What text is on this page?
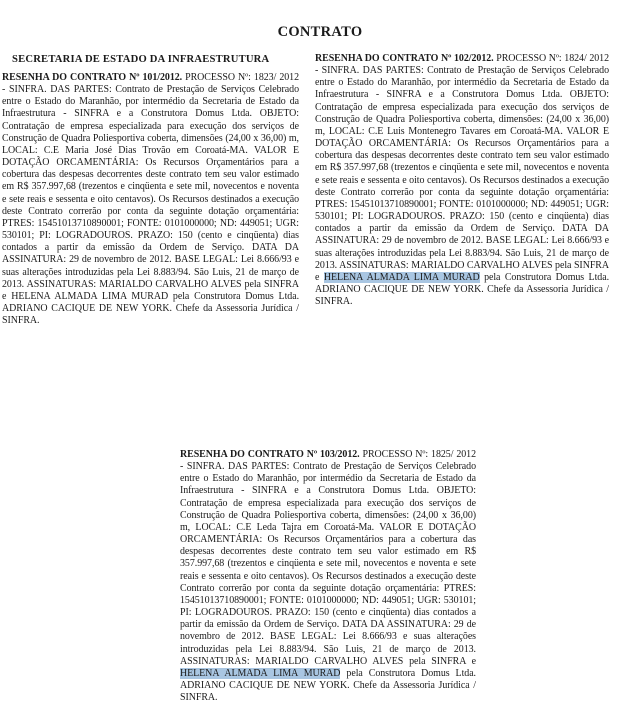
CONTRATO
SECRETARIA DE ESTADO DA INFRAESTRUTURA

RESENHA DO CONTRATO Nº 101/2012. PROCESSO Nº: 1823/ 2012 - SINFRA. DAS PARTES: Contrato de Prestação de Serviços Celebrado entre o Estado do Maranhão, por intermédio da Secretaria de Estado da Infraestrutura - SINFRA e a Construtora Domus Ltda. OBJETO: Contratação de empresa especializada para execução dos serviços de Construção de Quadra Poliesportiva coberta, dimensões (24,00 x 36,00) m, LOCAL: C.E Maria José Dias Trovão em Coroatá-MA. VALOR E DOTAÇÃO ORCAMENTÁRIA: Os Recursos Orçamentários para a cobertura das despesas decorrentes deste contrato tem seu valor estimado em R$ 357.997,68 (trezentos e cinqüenta e sete mil, novecentos e noventa e sete reais e sessenta e oito centavos). Os Recursos destinados a execução deste Contrato correrão por conta da seguinte dotação orçamentária: PTRES: 15451013710890001; FONTE: 0101000000; ND: 449051; UGR: 530101; PI: LOGRADOUROS. PRAZO: 150 (cento e cinqüenta) dias contados a partir da emissão da Ordem de Serviço. DATA DA ASSINATURA: 29 de novembro de 2012. BASE LEGAL: Lei 8.666/93 e suas alterações introduzidas pela Lei 8.883/94. São Luis, 21 de março de 2013. ASSINATURAS: MARIALDO CARVALHO ALVES pela SINFRA e HELENA ALMADA LIMA MURAD pela Construtora Domus Ltda. ADRIANO CACIQUE DE NEW YORK. Chefe da Assessoria Jurídica / SINFRA.

RESENHA DO CONTRATO Nº 102/2012. PROCESSO Nº: 1824/ 2012 - SINFRA. DAS PARTES: Contrato de Prestação de Serviços Celebrado entre o Estado do Maranhão, por intermédio da Secretaria de Estado da Infraestrutura - SINFRA e a Construtora Domus Ltda. OBJETO: Contratação de empresa especializada para execução dos serviços de Construção de Quadra Poliesportiva coberta, dimensões: (24,00 x 36,00) m, LOCAL: C.E Luis Montenegro Tavares em Coroatá-MA. VALOR E DOTAÇÃO ORCAMENTÁRIA: Os Recursos Orçamentários para a cobertura das despesas decorrentes deste contrato tem seu valor estimado em R$ 357.997,68 (trezentos e cinqüenta e sete mil, novecentos e noventa e sete reais e sessenta e oito centavos). Os Recursos destinados a execução deste Contrato correrão por conta da seguinte dotação orçamentária: PTRES: 15451013710890001; FONTE: 0101000000; ND: 449051; UGR: 530101; PI: LOGRADOUROS. PRAZO: 150 (cento e cinqüenta) dias contados a partir da emissão da Ordem de Serviço. DATA DA ASSINATURA: 29 de novembro de 2012. BASE LEGAL: Lei 8.666/93 e suas alterações introduzidas pela Lei 8.883/94. São Luis, 21 de março de 2013. ASSINATURAS: MARIALDO CARVALHO ALVES pela SINFRA e HELENA ALMADA LIMA MURAD pela Construtora Domus Ltda. ADRIANO CACIQUE DE NEW YORK. Chefe da Assessoria Jurídica / SINFRA.

RESENHA DO CONTRATO Nº 103/2012. PROCESSO Nº: 1825/ 2012 - SINFRA. DAS PARTES: Contrato de Prestação de Serviços Celebrado entre o Estado do Maranhão, por intermédio da Secretaria de Estado da Infraestrutura - SINFRA e a Construtora Domus Ltda. OBJETO: Contratação de empresa especializada para execução dos serviços de Construção de Quadra Poliesportiva coberta, dimensões: (24,00 x 36,00) m, LOCAL: C.E Leda Tajra em Coroatá-Ma. VALOR E DOTAÇÃO ORCAMENTÁRIA: Os Recursos Orçamentários para a cobertura das despesas decorrentes deste contrato tem seu valor estimado em R$ 357.997,68 (trezentos e cinqüenta e sete mil, novecentos e noventa e sete reais e sessenta e oito centavos). Os Recursos destinados a execução deste Contrato correrão por conta da seguinte dotação orçamentária: PTRES: 15451013710890001; FONTE: 0101000000; ND: 449051; UGR: 530101; PI: LOGRADOUROS. PRAZO: 150 (cento e cinqüenta) dias contados a partir da emissão da Ordem de Serviço. DATA DA ASSINATURA: 29 de novembro de 2012. BASE LEGAL: Lei 8.666/93 e suas alterações introduzidas pela Lei 8.883/94. São Luis, 21 de março de 2013. ASSINATURAS: MARIALDO CARVALHO ALVES pela SINFRA e HELENA ALMADA LIMA MURAD pela Construtora Domus Ltda. ADRIANO CACIQUE DE NEW YORK. Chefe da Assessoria Jurídica / SINFRA.
